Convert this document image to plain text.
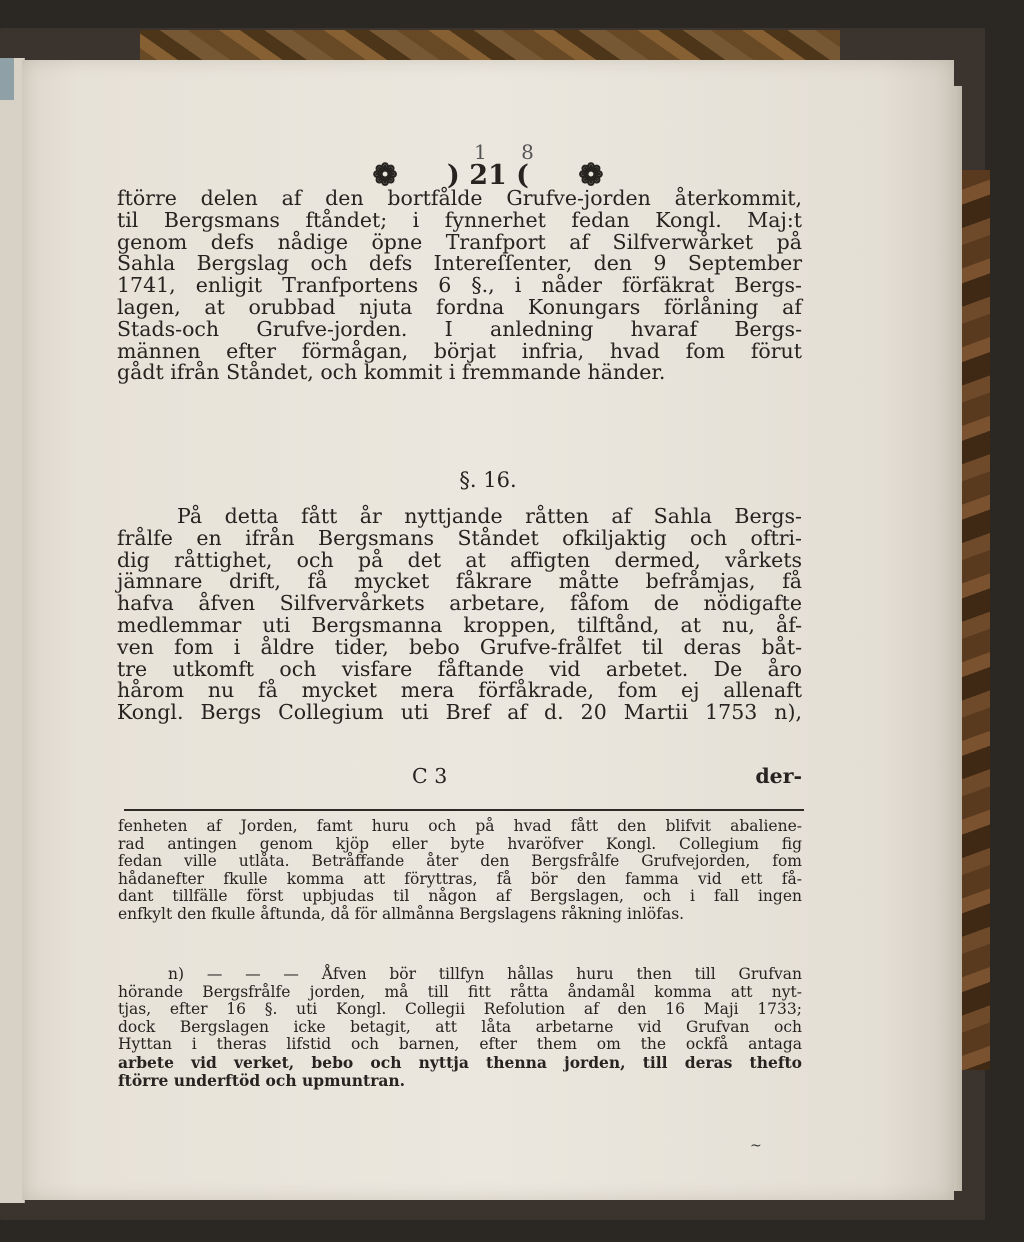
1 8
❁ ) 21 ( ❁
ftörre delen af den bortfålde Grufve-jorden återkommit,
til Bergsmans ftåndet; i fynnerhet fedan Kongl. Maj:t
genom defs nådige öpne Tranfport af Silfverwårket på
Sahla Bergslag och defs Intereſſenter, den 9 September
1741, enligit Tranfportens 6 §., i nåder förfäkrat Bergs-
lagen, at orubbad njuta fordna Konungars förlåning af
Stads-och Grufve-jorden. I anledning hvaraf Bergs-
männen efter förmågan, börjat infria, hvad fom förut
gådt ifrån Ståndet, och kommit i fremmande händer.
§. 16.
På detta fått år nyttjande råtten af Sahla Bergs-
frålfe en ifrån Bergsmans Ståndet ofkiljaktig och oftri-
dig råttighet, och på det at affigten dermed, vårkets
jämnare drift, få mycket fåkrare måtte befråmjas, få
hafva åfven Silfvervårkets arbetare, fåfom de nödigafte
medlemmar uti Bergsmanna kroppen, tilftånd, at nu, åf-
ven fom i åldre tider, bebo Grufve-frålfet til deras båt-
tre utkomft och visfare fåftande vid arbetet. De åro
hårom nu få mycket mera förfåkrade, fom ej allenaft
Kongl. Bergs Collegium uti Bref af d. 20 Martii 1753 n),
C 3	der-
fenheten af Jorden, famt huru och på hvad fått den blifvit abaliene-
rad antingen genom kjöp eller byte hvaröfver Kongl. Collegium fig
fedan ville utlåta. Betråffande åter den Bergsfrålfe Grufvejorden, fom
hådanefter fkulle komma att föryttras, få bör den famma vid ett få-
dant tillfälle först upbjudas til någon af Bergslagen, och i fall ingen
enfkylt den fkulle åftunda, då för allmånna Bergslagens råkning inlöfas.
n) — — — Åfven bör tillfyn hållas huru then till Grufvan
hörande Bergsfrålfe jorden, må till fitt råtta åndamål komma att nyt-
tjas, efter 16 §. uti Kongl. Collegii Refolution af den 16 Maji 1733;
dock Bergslagen icke betagit, att låta arbetarne vid Grufvan och
Hyttan i theras lifstid och barnen, efter them om the ockfå antaga
arbete vid verket, bebo och nyttja thenna jorden, till deras thefto
ftörre underftöd och upmuntran.
~
